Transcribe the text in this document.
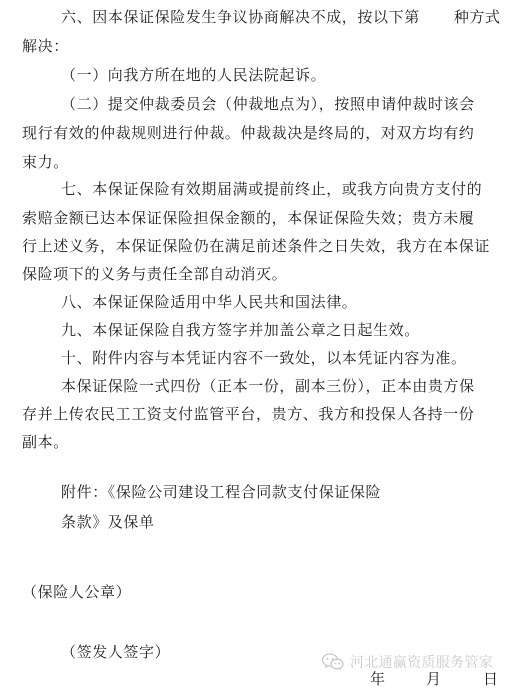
六、因本保证保险发生争议协商解决不成，按以下第 种方式
解决：
（一）向我方所在地的人民法院起诉。
（二）提交仲裁委员会（仲裁地点为），按照申请仲裁时该会
现行有效的仲裁规则进行仲裁。仲裁裁决是终局的，对双方均有约
束力。
七、本保证保险有效期届满或提前终止，或我方向贵方支付的
索赔金额已达本保证保险担保金额的，本保证保险失效；贵方未履
行上述义务，本保证保险仍在满足前述条件之日失效，我方在本保证
保险项下的义务与责任全部自动消灭。
八、本保证保险适用中华人民共和国法律。
九、本保证保险自我方签字并加盖公章之日起生效。
十、附件内容与本凭证内容不一致处，以本凭证内容为准。
本保证保险一式四份（正本一份，副本三份），正本由贵方保
存并上传农民工工资支付监管平台，贵方、我方和投保人各持一份
副本。
附件：《保险公司建设工程合同款支付保证保险
条款》及保单
（保险人公章）
（签发人签字）
年	月	日
河北通赢资质服务管家
